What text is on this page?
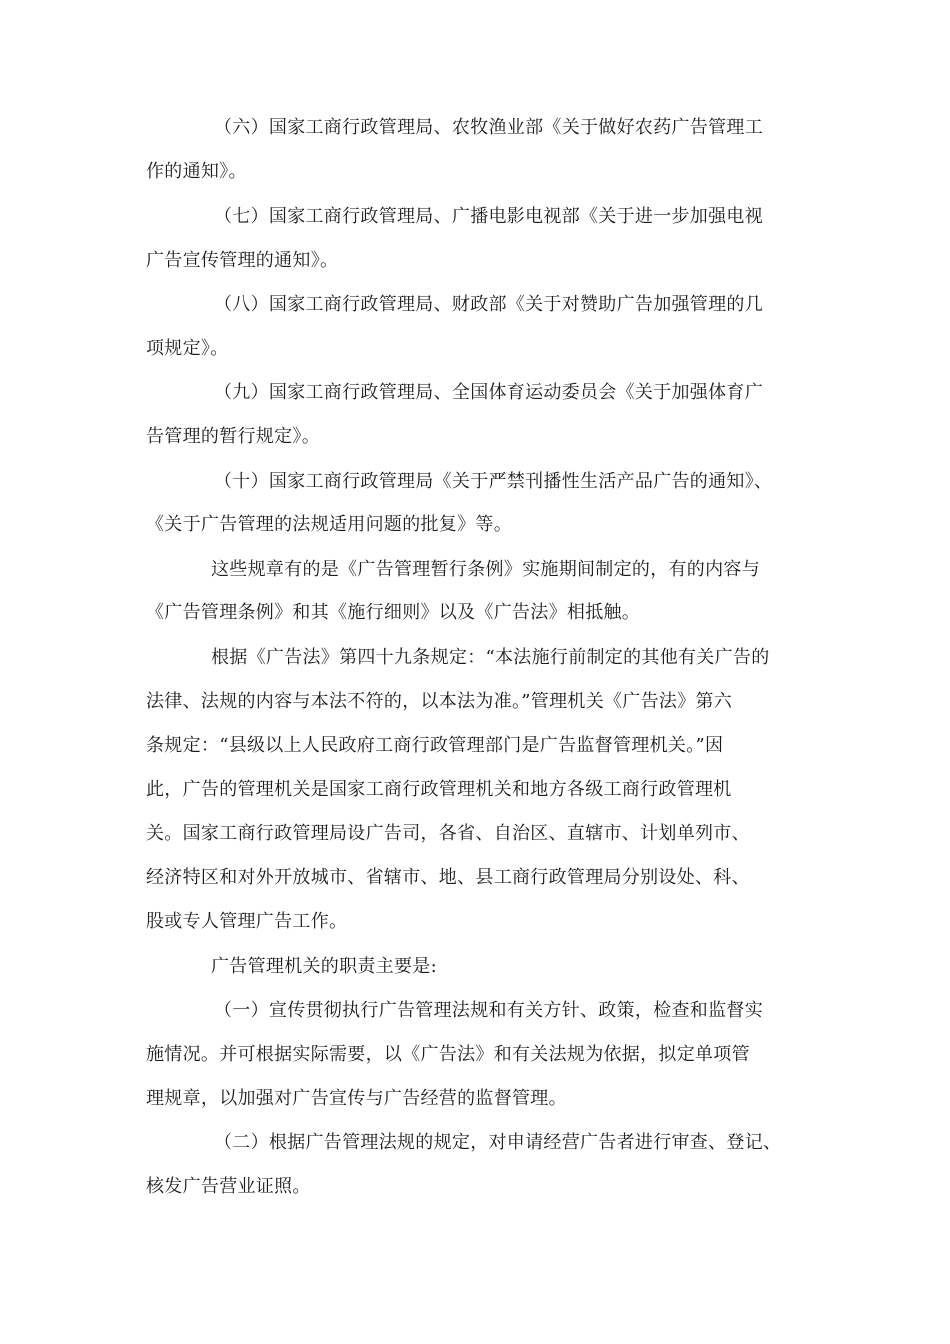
（六）国家工商行政管理局、农牧渔业部《关于做好农药广告管理工
作的通知》。
（七）国家工商行政管理局、广播电影电视部《关于进一步加强电视
广告宣传管理的通知》。
（八）国家工商行政管理局、财政部《关于对赞助广告加强管理的几
项规定》。
（九）国家工商行政管理局、全国体育运动委员会《关于加强体育广
告管理的暂行规定》。
（十）国家工商行政管理局《关于严禁刊播性生活产品广告的通知》、
《关于广告管理的法规适用问题的批复》等。
这些规章有的是《广告管理暂行条例》实施期间制定的，有的内容与
《广告管理条例》和其《施行细则》以及《广告法》相抵触。
根据《广告法》第四十九条规定：“本法施行前制定的其他有关广告的
法律、法规的内容与本法不符的，以本法为准。”管理机关《广告法》第六
条规定：“县级以上人民政府工商行政管理部门是广告监督管理机关。”因
此，广告的管理机关是国家工商行政管理机关和地方各级工商行政管理机
关。国家工商行政管理局设广告司，各省、自治区、直辖市、计划单列市、
经济特区和对外开放城市、省辖市、地、县工商行政管理局分别设处、科、
股或专人管理广告工作。
广告管理机关的职责主要是:
（一）宣传贯彻执行广告管理法规和有关方针、政策，检查和监督实
施情况。并可根据实际需要，以《广告法》和有关法规为依据，拟定单项管
理规章，以加强对广告宣传与广告经营的监督管理。
（二）根据广告管理法规的规定，对申请经营广告者进行审查、登记、
核发广告营业证照。
